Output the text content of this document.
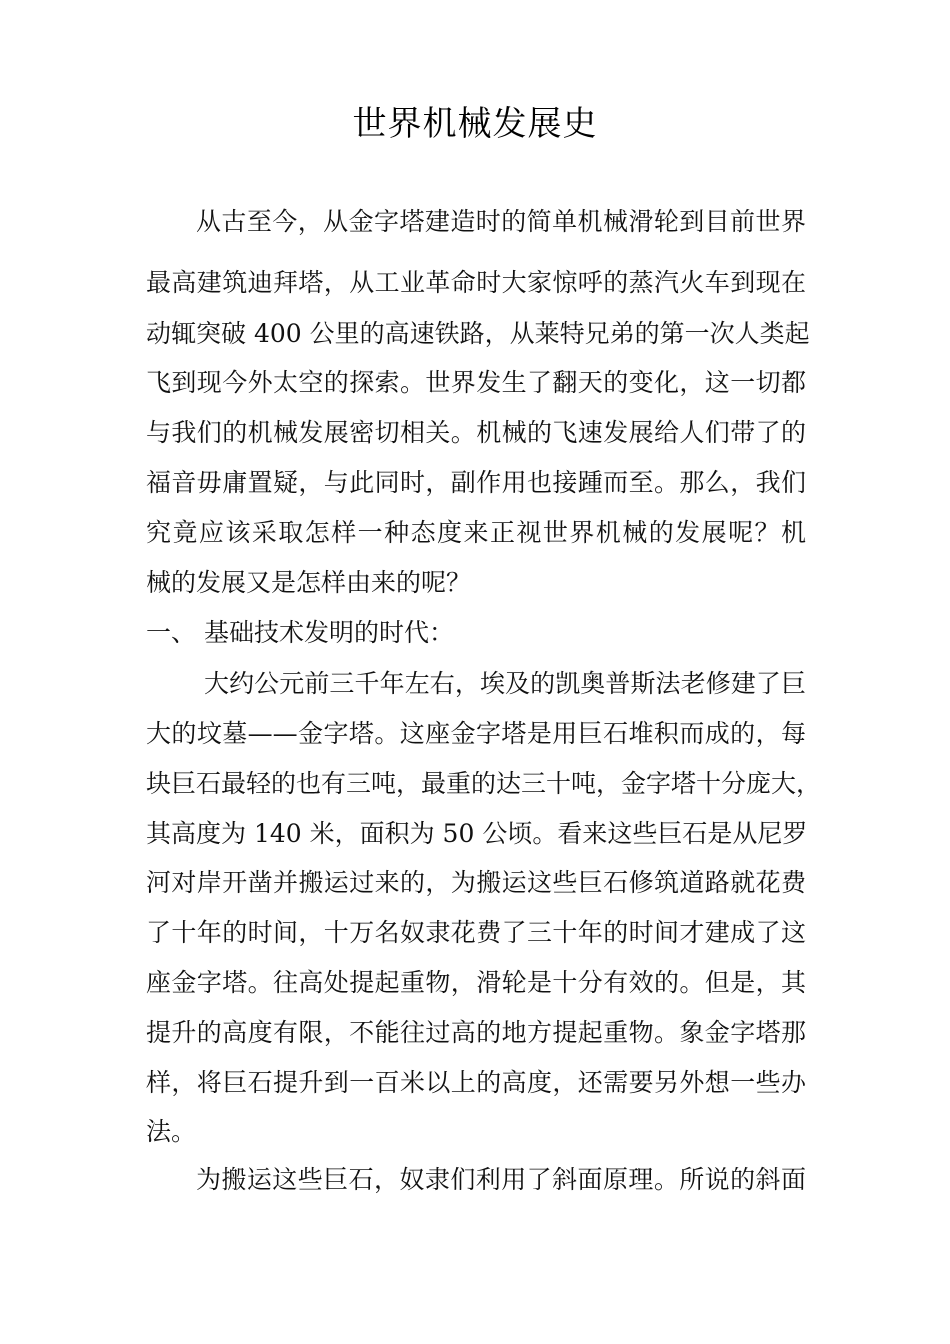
世界机械发展史
从古至今，从金字塔建造时的简单机械滑轮到目前世界
最高建筑迪拜塔，从工业革命时大家惊呼的蒸汽火车到现在
动辄突破 400 公里的高速铁路，从莱特兄弟的第一次人类起
飞到现今外太空的探索。世界发生了翻天的变化，这一切都
与我们的机械发展密切相关。机械的飞速发展给人们带了的
福音毋庸置疑，与此同时，副作用也接踵而至。那么，我们
究竟应该采取怎样一种态度来正视世界机械的发展呢？机
械的发展又是怎样由来的呢？
一、 基础技术发明的时代：
大约公元前三千年左右，埃及的凯奥普斯法老修建了巨
大的坟墓——金字塔。这座金字塔是用巨石堆积而成的，每
块巨石最轻的也有三吨，最重的达三十吨，金字塔十分庞大，
其高度为 140 米，面积为 50 公顷。看来这些巨石是从尼罗
河对岸开凿并搬运过来的，为搬运这些巨石修筑道路就花费
了十年的时间，十万名奴隶花费了三十年的时间才建成了这
座金字塔。往高处提起重物，滑轮是十分有效的。但是，其
提升的高度有限，不能往过高的地方提起重物。象金字塔那
样，将巨石提升到一百米以上的高度，还需要另外想一些办
法。
为搬运这些巨石，奴隶们利用了斜面原理。所说的斜面
